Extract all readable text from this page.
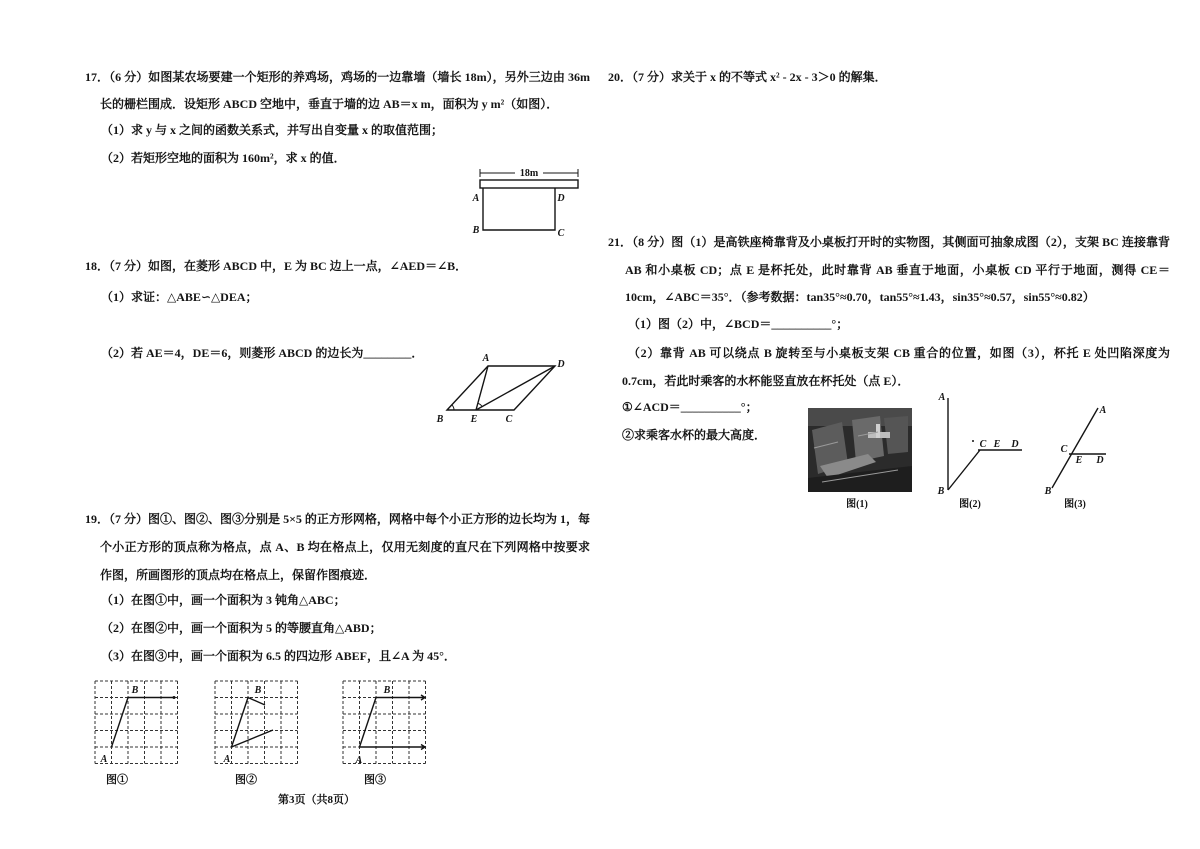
17．（6 分）如图某农场要建一个矩形的养鸡场，鸡场的一边靠墙（墙长 18m），另外三边由 36m 长的栅栏围成．设矩形 ABCD 空地中，垂直于墙的边 AB＝x m，面积为 y m²（如图）．
（1）求 y 与 x 之间的函数关系式，并写出自变量 x 的取值范围；
（2）若矩形空地的面积为 160m²，求 x 的值．
18m
A	D
B	C
18．（7 分）如图，在菱形 ABCD 中，E 为 BC 边上一点，∠AED＝∠B．
（1）求证：△ABE∽△DEA；
（2）若 AE＝4，DE＝6，则菱形 ABCD 的边长为________．	A
D
B	E	C
19．（7 分）图①、图②、图③分别是 5×5 的正方形网格，网格中每个小正方形的边长均为 1，每个小正方形的顶点称为格点，点 A、B 均在格点上，仅用无刻度的直尺在下列网格中按要求作图，所画图形的顶点均在格点上，保留作图痕迹．
（1）在图①中，画一个面积为 3 钝角△ABC；
（2）在图②中，画一个面积为 5 的等腰直角△ABD；
（3）在图③中，画一个面积为 6.5 的四边形 ABEF，且∠A 为 45°．
A
B
图①
A
B
图②
A
B
图③
第3页（共8页）
20．（7 分）求关于 x 的不等式 x² - 2x - 3＞0 的解集．
21．（8 分）图（1）是高铁座椅靠背及小桌板打开时的实物图，其侧面可抽象成图（2），支架 BC 连接靠背 AB 和小桌板 CD；点 E 是杯托处，此时靠背 AB 垂直于地面，小桌板 CD 平行于地面，测得 CE＝10cm，∠ABC＝35°．（参考数据：tan35°≈0.70，tan55°≈1.43，sin35°≈0.57，sin55°≈0.82）
（1）图（2）中，∠BCD＝__________°；
（2）靠背 AB 可以绕点 B 旋转至与小桌板支架 CB 重合的位置，如图（3），杯托 E 处凹陷深度为 0.7cm，若此时乘客的水杯能竖直放在杯托处（点 E）．
①∠ACD＝__________°；
②求乘客水杯的最大高度．
图(1)
A
B
C E D
图(2)
A
B
C
E D
图(3)
